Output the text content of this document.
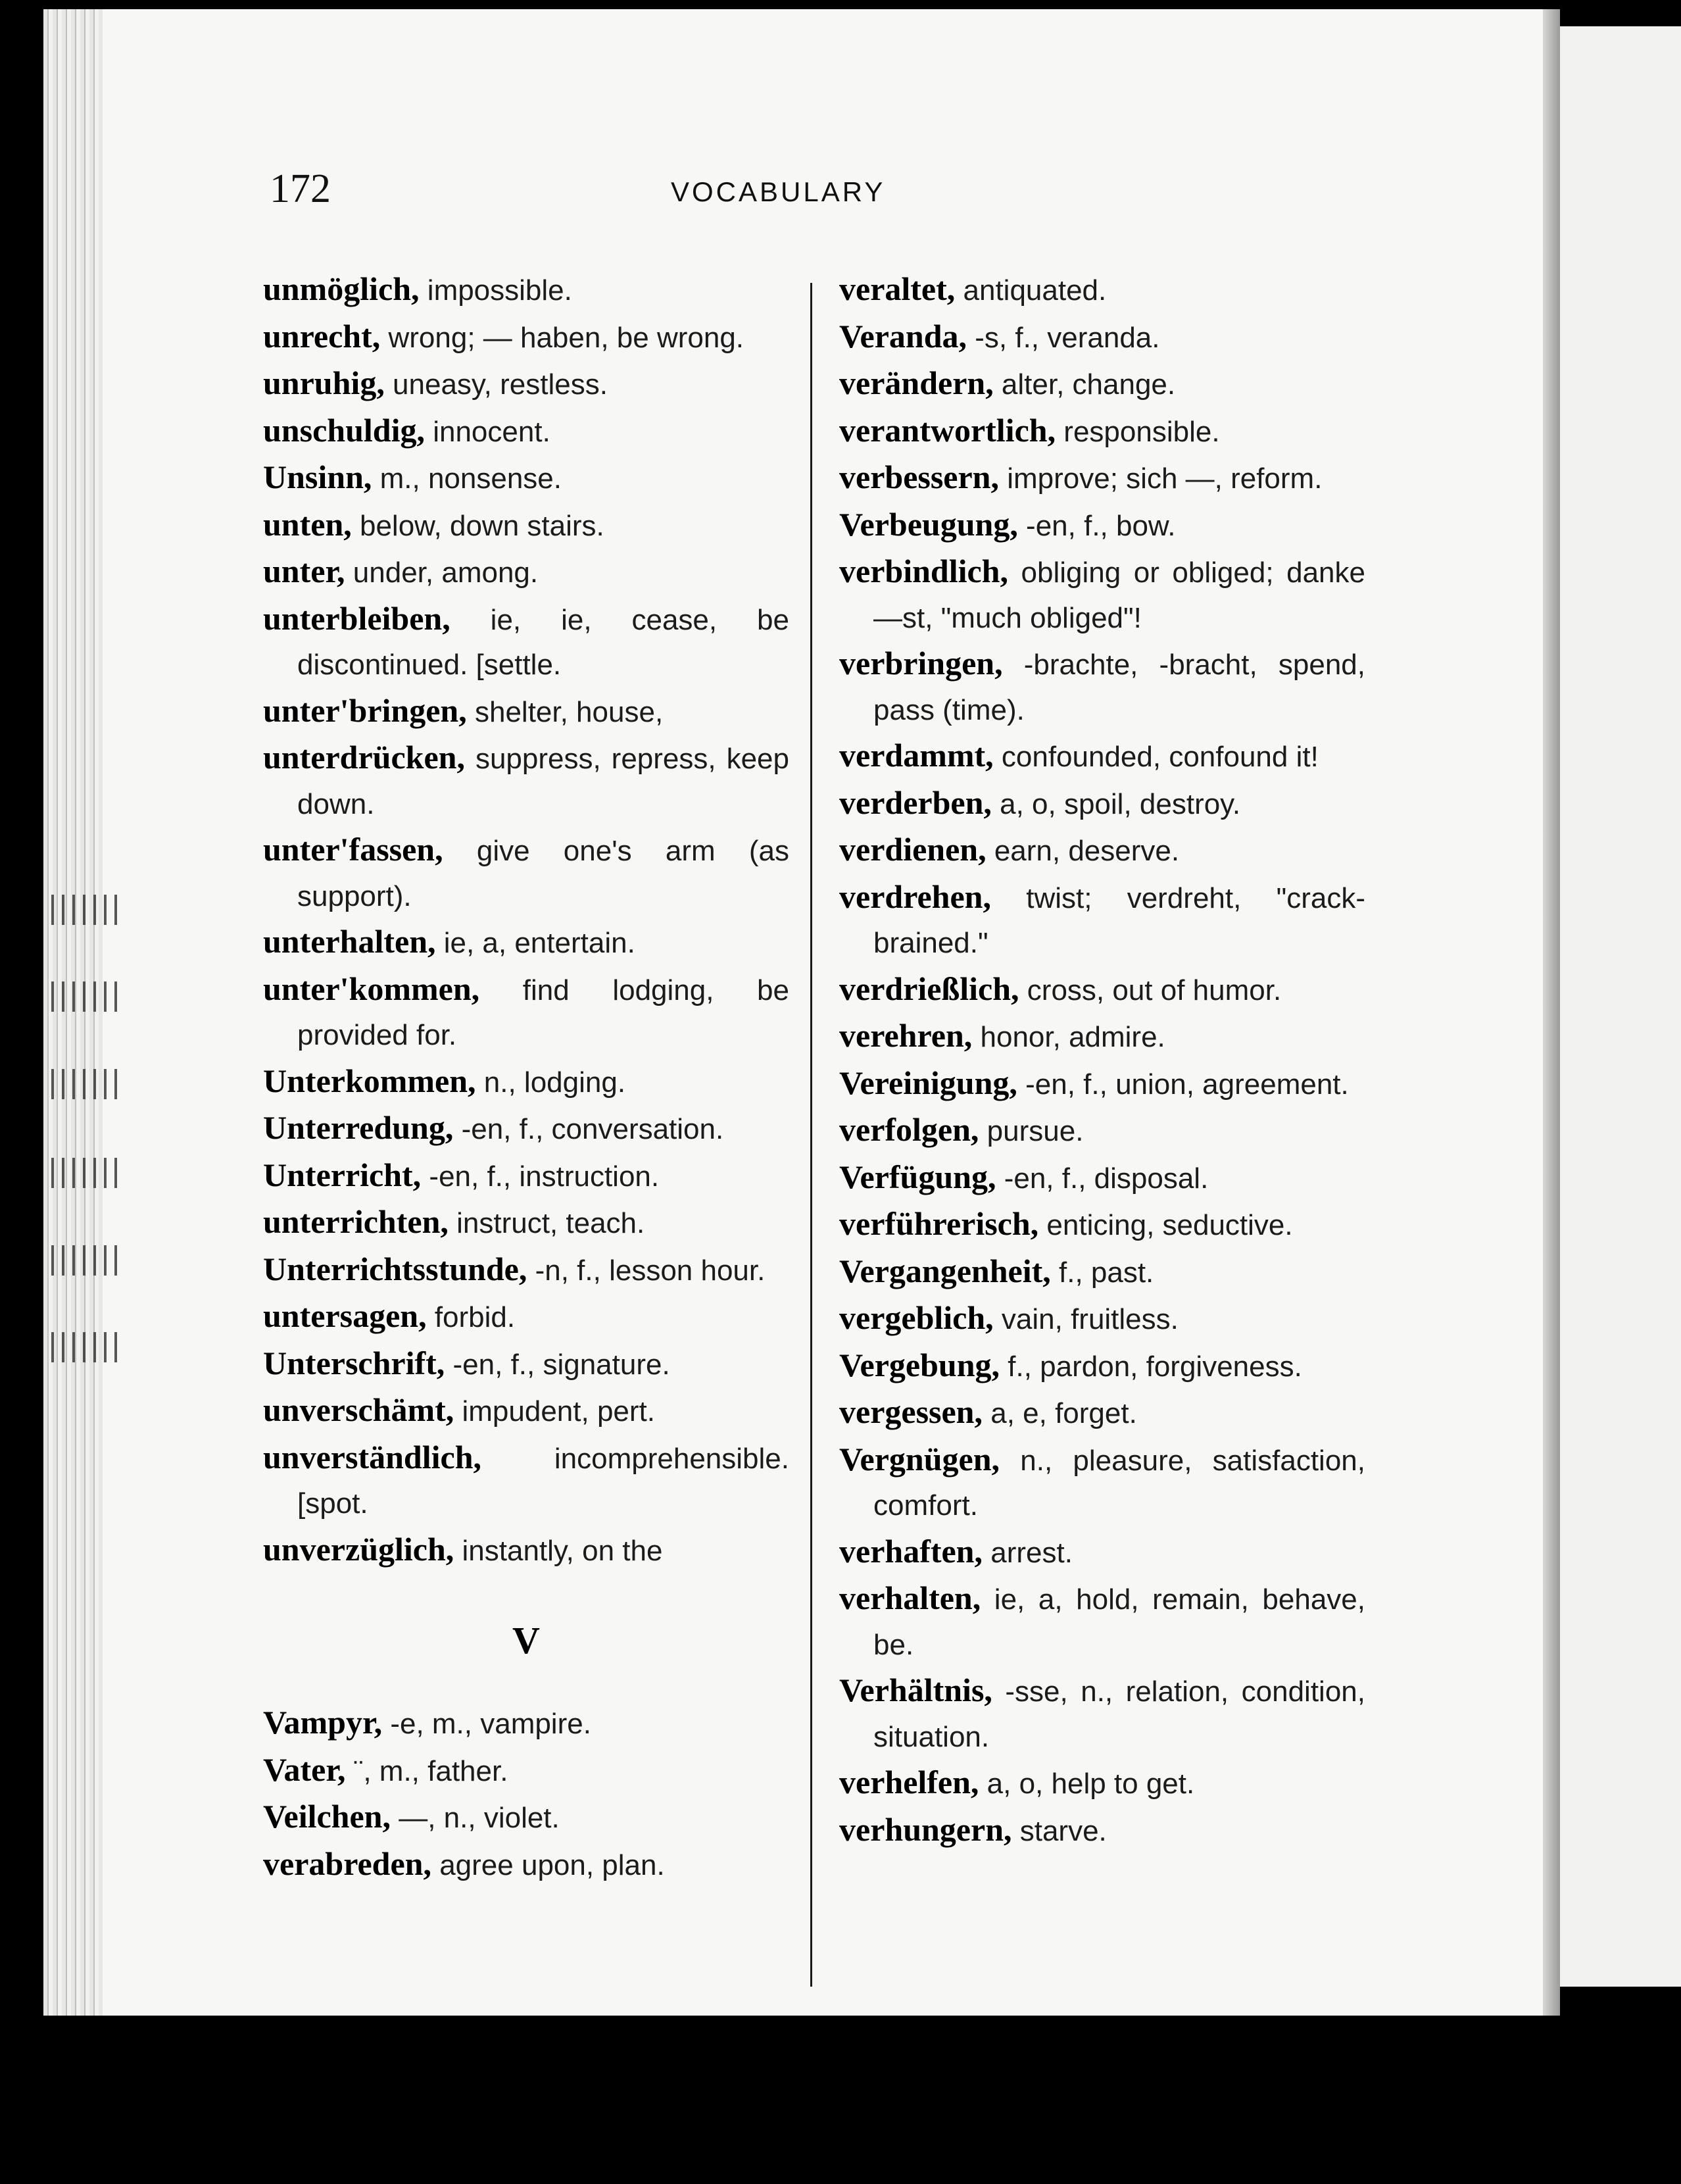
172	VOCABULARY
unmöglich, impossible.
unrecht, wrong; — haben, be wrong.
unruhig, uneasy, restless.
unschuldig, innocent.
Unsinn, m., nonsense.
unten, below, down stairs.
unter, under, among.
unterbleiben, ie, ie, cease, be discontinued. [settle.
unter'bringen, shelter, house,
unterdrücken, suppress, repress, keep down.
unter'fassen, give one's arm (as support).
unterhalten, ie, a, entertain.
unter'kommen, find lodging, be provided for.
Unterkommen, n., lodging.
Unterredung, -en, f., conversation.
Unterricht, -en, f., instruction.
unterrichten, instruct, teach.
Unterrichtsstunde, -n, f., lesson hour.
untersagen, forbid.
Unterschrift, -en, f., signature.
unverschämt, impudent, pert.
unverständlich, incomprehensible. [spot.
unverzüglich, instantly, on the
V
Vampyr, -e, m., vampire.
Vater, ¨, m., father.
Veilchen, —, n., violet.
verabreden, agree upon, plan.
veraltet, antiquated.
Veranda, -s, f., veranda.
verändern, alter, change.
verantwortlich, responsible.
verbessern, improve; sich —, reform.
Verbeugung, -en, f., bow.
verbindlich, obliging or obliged; danke —st, "much obliged"!
verbringen, -brachte, -bracht, spend, pass (time).
verdammt, confounded, confound it!
verderben, a, o, spoil, destroy.
verdienen, earn, deserve.
verdrehen, twist; verdreht, "crack-brained."
verdrießlich, cross, out of humor.
verehren, honor, admire.
Vereinigung, -en, f., union, agreement.
verfolgen, pursue.
Verfügung, -en, f., disposal.
verführerisch, enticing, seductive.
Vergangenheit, f., past.
vergeblich, vain, fruitless.
Vergebung, f., pardon, forgiveness.
vergessen, a, e, forget.
Vergnügen, n., pleasure, satisfaction, comfort.
verhaften, arrest.
verhalten, ie, a, hold, remain, behave, be.
Verhältnis, -sse, n., relation, condition, situation.
verhelfen, a, o, help to get.
verhungern, starve.
